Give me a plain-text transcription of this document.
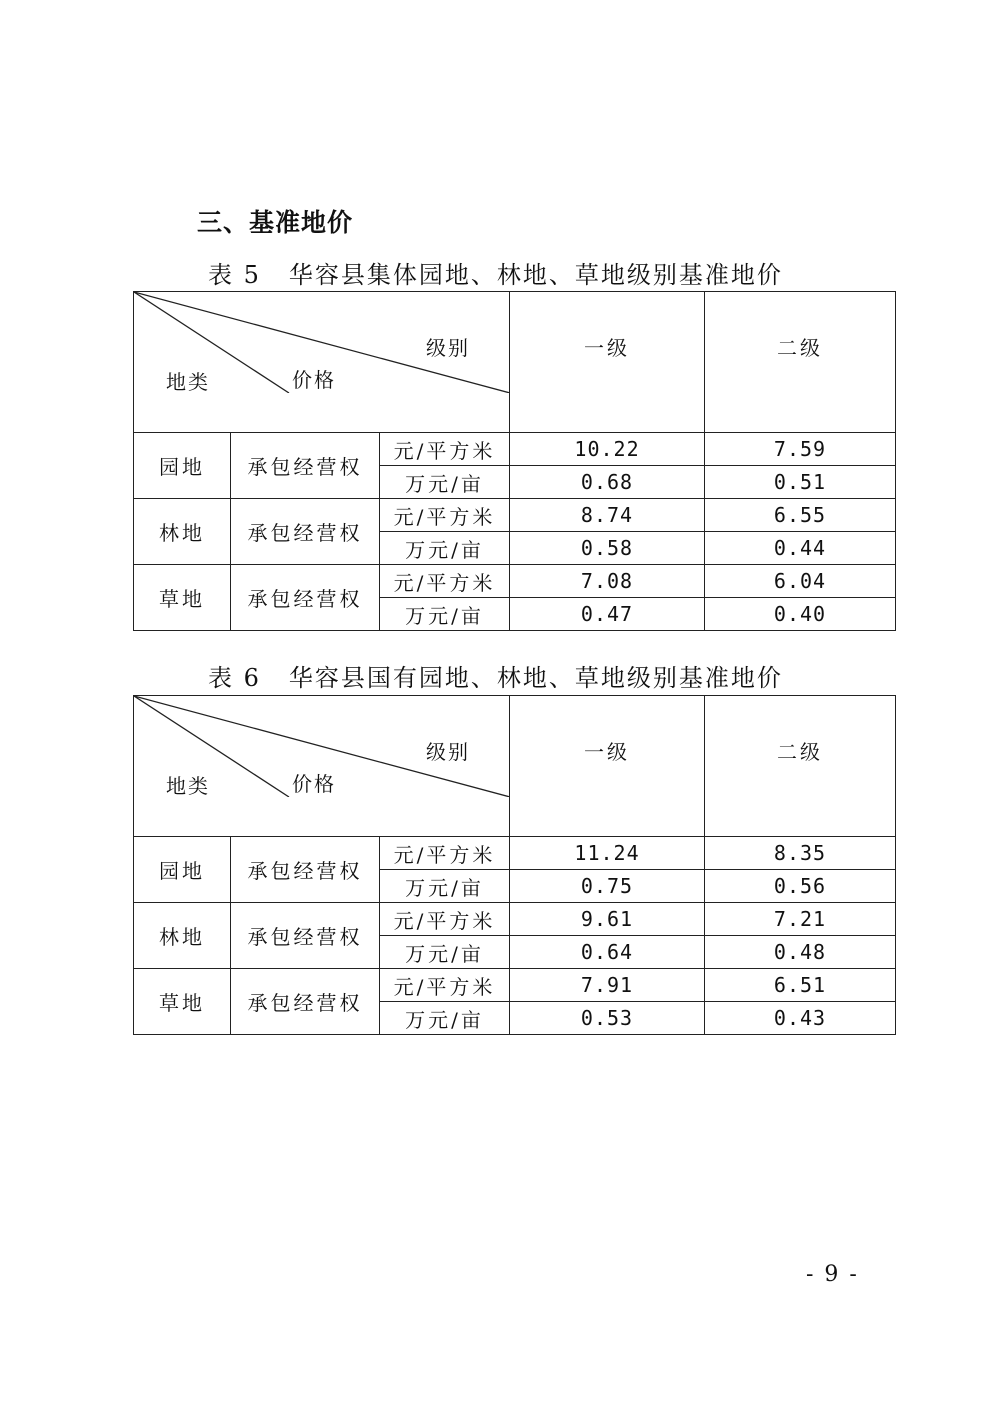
三、基准地价
表 5 华容县集体园地、林地、草地级别基准地价
级别
价格
地类			一级	二级
园地	承包经营权	元/平方米	10.22	7.59
		万元/亩	0.68	0.51
林地	承包经营权	元/平方米	8.74	6.55
		万元/亩	0.58	0.44
草地	承包经营权	元/平方米	7.08	6.04
		万元/亩	0.47	0.40
表 6 华容县国有园地、林地、草地级别基准地价
级别
价格
地类			一级	二级
园地	承包经营权	元/平方米	11.24	8.35
		万元/亩	0.75	0.56
林地	承包经营权	元/平方米	9.61	7.21
		万元/亩	0.64	0.48
草地	承包经营权	元/平方米	7.91	6.51
		万元/亩	0.53	0.43
- 9 -
